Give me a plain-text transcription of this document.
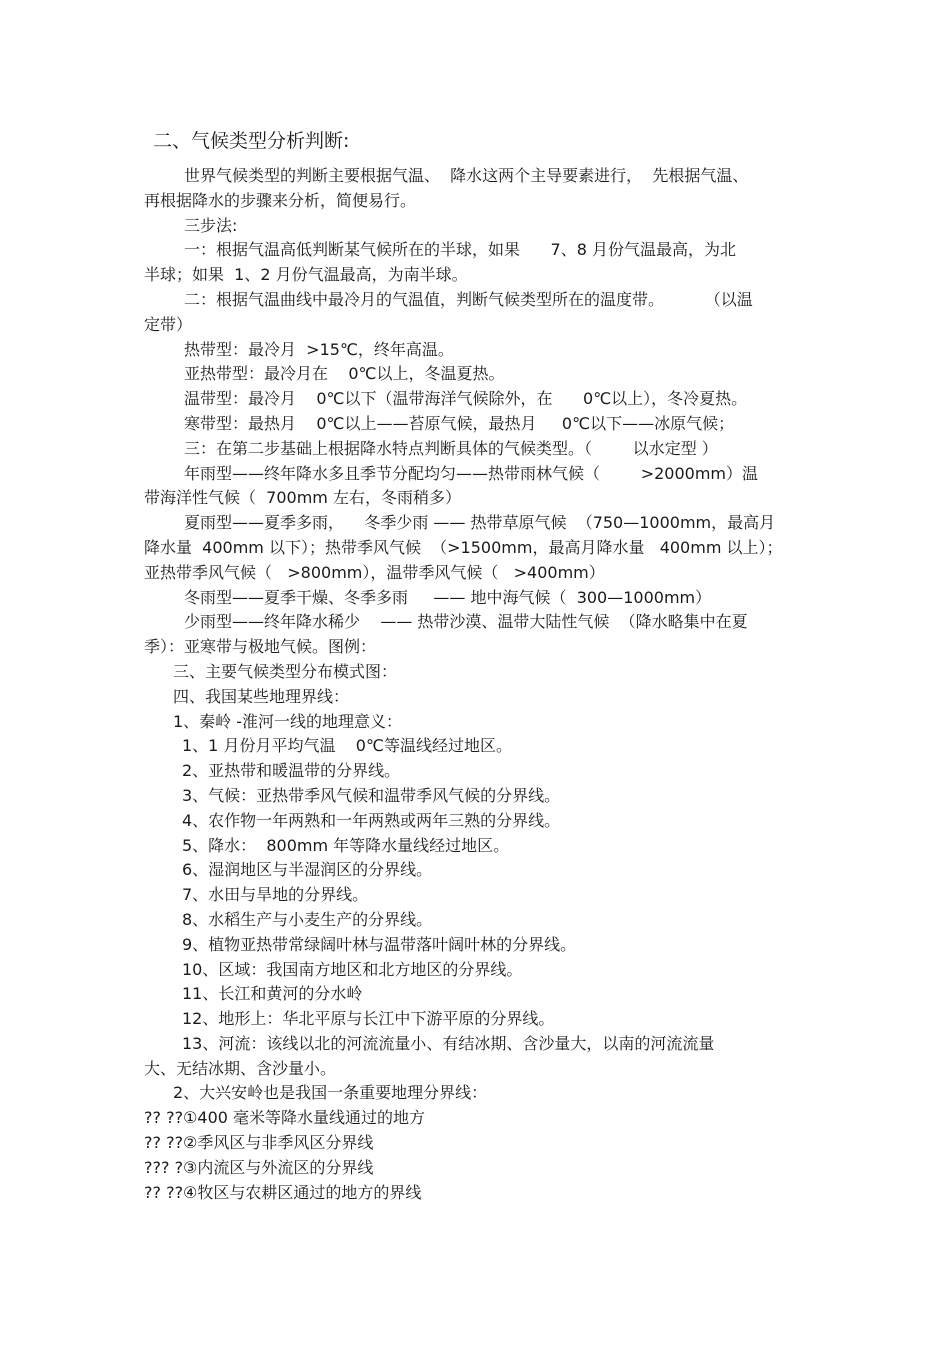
二、气候类型分析判断:

世界气候类型的判断主要根据气温、  降水这两个主导要素进行，  先根据气温、

再根据降水的步骤来分析，简便易行。

三步法:

一：根据气温高低判断某气候所在的半球，如果      7、8 月份气温最高，为北

半球；如果  1、2 月份气温最高，为南半球。

二：根据气温曲线中最冷月的气温值，判断气候类型所在的温度带。        （以温

定带）

热带型：最冷月  >15℃，终年高温。

亚热带型：最冷月在    0℃以上，冬温夏热。

温带型：最冷月    0℃以下（温带海洋气候除外，在      0℃以上），冬冷夏热。

寒带型：最热月    0℃以上——苔原气候，最热月     0℃以下——冰原气候；

三：在第二步基础上根据降水特点判断具体的气候类型。（        以水定型 ）

年雨型——终年降水多且季节分配均匀——热带雨林气候（        >2000mm）温

带海洋性气候（  700mm 左右，冬雨稍多）

夏雨型——夏季多雨，    冬季少雨 —— 热带草原气候  （750—1000mm，最高月

降水量  400mm 以下）；热带季风气候  （>1500mm，最高月降水量   400mm 以上）；

亚热带季风气候（   >800mm），温带季风气候（   >400mm）

冬雨型——夏季干燥、冬季多雨     —— 地中海气候（  300—1000mm）

少雨型——终年降水稀少    —— 热带沙漠、温带大陆性气候  （降水略集中在夏

季）：亚寒带与极地气候。图例：

三、主要气候类型分布模式图：

四、我国某些地理界线：

1、秦岭 -淮河一线的地理意义：

1、1 月份月平均气温    0℃等温线经过地区。

2、亚热带和暖温带的分界线。

3、气候：亚热带季风气候和温带季风气候的分界线。

4、农作物一年两熟和一年两熟或两年三熟的分界线。

5、降水：  800mm 年等降水量线经过地区。

6、湿润地区与半湿润区的分界线。

7、水田与旱地的分界线。

8、水稻生产与小麦生产的分界线。

9、植物亚热带常绿阔叶林与温带落叶阔叶林的分界线。

10、区域：我国南方地区和北方地区的分界线。

11、长江和黄河的分水岭

12、地形上：华北平原与长江中下游平原的分界线。

13、河流：该线以北的河流流量小、有结冰期、含沙量大，以南的河流流量

大、无结冰期、含沙量小。

2、大兴安岭也是我国一条重要地理分界线：

?? ??①400 毫米等降水量线通过的地方

?? ??②季风区与非季风区分界线

??? ?③内流区与外流区的分界线

?? ??④牧区与农耕区通过的地方的界线
